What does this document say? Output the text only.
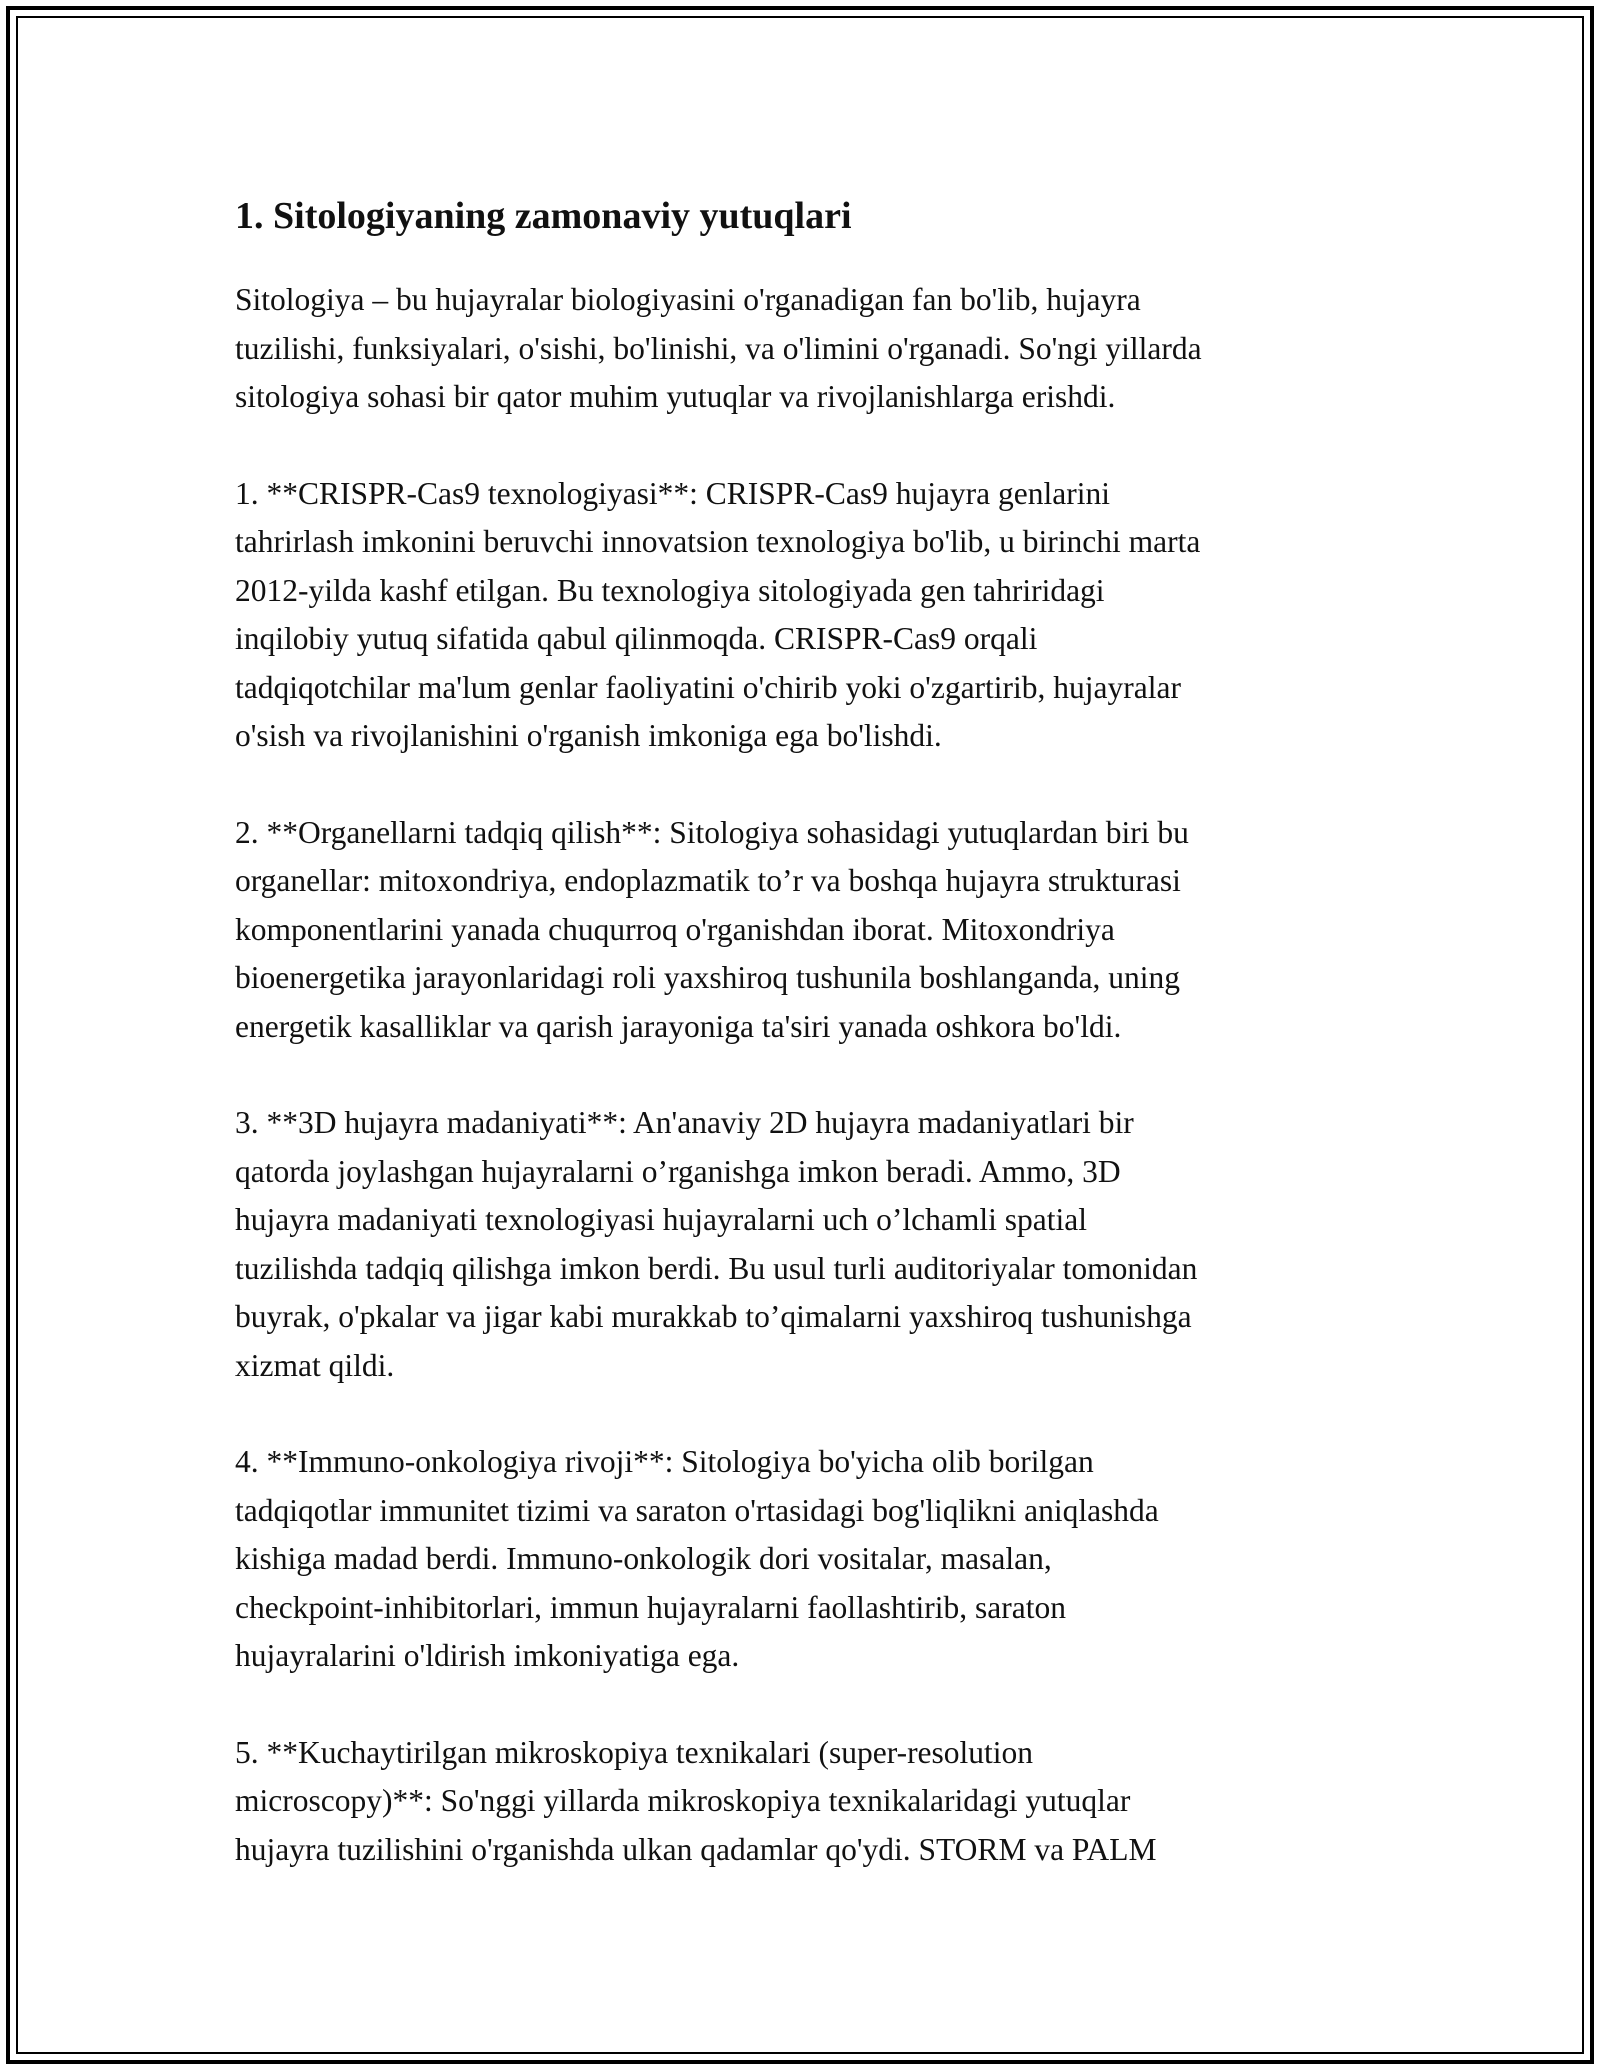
1. Sitologiyaning zamonaviy yutuqlari

Sitologiya – bu hujayralar biologiyasini o'rganadigan fan bo'lib, hujayra
tuzilishi, funksiyalari, o'sishi, bo'linishi, va o'limini o'rganadi. So'ngi yillarda
sitologiya sohasi bir qator muhim yutuqlar va rivojlanishlarga erishdi.

1. **CRISPR-Cas9 texnologiyasi**: CRISPR-Cas9 hujayra genlarini
tahrirlash imkonini beruvchi innovatsion texnologiya bo'lib, u birinchi marta
2012-yilda kashf etilgan. Bu texnologiya sitologiyada gen tahriridagi
inqilobiy yutuq sifatida qabul qilinmoqda. CRISPR-Cas9 orqali
tadqiqotchilar ma'lum genlar faoliyatini o'chirib yoki o'zgartirib, hujayralar
o'sish va rivojlanishini o'rganish imkoniga ega bo'lishdi.

2. **Organellarni tadqiq qilish**: Sitologiya sohasidagi yutuqlardan biri bu
organellar: mitoxondriya, endoplazmatik to’r va boshqa hujayra strukturasi
komponentlarini yanada chuqurroq o'rganishdan iborat. Mitoxondriya
bioenergetika jarayonlaridagi roli yaxshiroq tushunila boshlanganda, uning
energetik kasalliklar va qarish jarayoniga ta'siri yanada oshkora bo'ldi.

3. **3D hujayra madaniyati**: An'anaviy 2D hujayra madaniyatlari bir
qatorda joylashgan hujayralarni o’rganishga imkon beradi. Ammo, 3D
hujayra madaniyati texnologiyasi hujayralarni uch o’lchamli spatial
tuzilishda tadqiq qilishga imkon berdi. Bu usul turli auditoriyalar tomonidan
buyrak, o'pkalar va jigar kabi murakkab to’qimalarni yaxshiroq tushunishga
xizmat qildi.

4. **Immuno-onkologiya rivoji**: Sitologiya bo'yicha olib borilgan
tadqiqotlar immunitet tizimi va saraton o'rtasidagi bog'liqlikni aniqlashda
kishiga madad berdi. Immuno-onkologik dori vositalar, masalan,
checkpoint-inhibitorlari, immun hujayralarni faollashtirib, saraton
hujayralarini o'ldirish imkoniyatiga ega.

5. **Kuchaytirilgan mikroskopiya texnikalari (super-resolution
microscopy)**: So'nggi yillarda mikroskopiya texnikalaridagi yutuqlar
hujayra tuzilishini o'rganishda ulkan qadamlar qo'ydi. STORM va PALM
